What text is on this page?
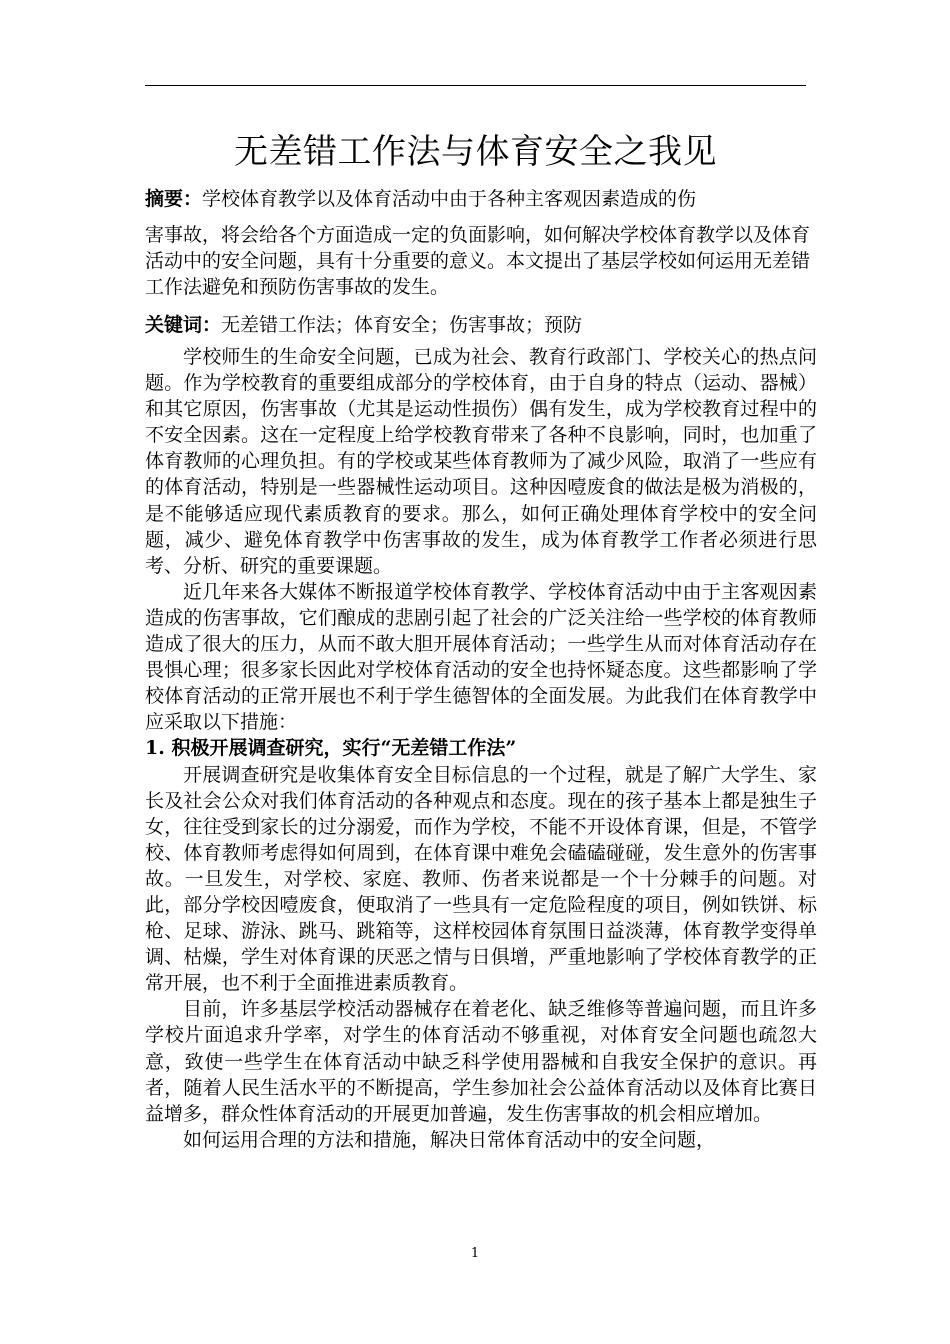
无差错工作法与体育安全之我见
摘要：学校体育教学以及体育活动中由于各种主客观因素造成的伤
害事故，将会给各个方面造成一定的负面影响，如何解决学校体育教学以及体育活动中的安全问题，具有十分重要的意义。本文提出了基层学校如何运用无差错工作法避免和预防伤害事故的发生。
关键词：无差错工作法；体育安全；伤害事故；预防

学校师生的生命安全问题，已成为社会、教育行政部门、学校关心的热点问题。作为学校教育的重要组成部分的学校体育，由于自身的特点（运动、器械）和其它原因，伤害事故（尤其是运动性损伤）偶有发生，成为学校教育过程中的不安全因素。这在一定程度上给学校教育带来了各种不良影响，同时，也加重了体育教师的心理负担。有的学校或某些体育教师为了减少风险，取消了一些应有的体育活动，特别是一些器械性运动项目。这种因噎废食的做法是极为消极的，是不能够适应现代素质教育的要求。那么，如何正确处理体育学校中的安全问题，减少、避免体育教学中伤害事故的发生，成为体育教学工作者必须进行思考、分析、研究的重要课题。

近几年来各大媒体不断报道学校体育教学、学校体育活动中由于主客观因素造成的伤害事故，它们酿成的悲剧引起了社会的广泛关注给一些学校的体育教师造成了很大的压力，从而不敢大胆开展体育活动；一些学生从而对体育活动存在畏惧心理；很多家长因此对学校体育活动的安全也持怀疑态度。这些都影响了学校体育活动的正常开展也不利于学生德智体的全面发展。为此我们在体育教学中应采取以下措施：

1. 积极开展调查研究，实行“无差错工作法”

开展调查研究是收集体育安全目标信息的一个过程，就是了解广大学生、家长及社会公众对我们体育活动的各种观点和态度。现在的孩子基本上都是独生子女，往往受到家长的过分溺爱，而作为学校，不能不开设体育课，但是，不管学校、体育教师考虑得如何周到，在体育课中难免会磕磕碰碰，发生意外的伤害事故。一旦发生，对学校、家庭、教师、伤者来说都是一个十分棘手的问题。对此，部分学校因噎废食，便取消了一些具有一定危险程度的项目，例如铁饼、标枪、足球、游泳、跳马、跳箱等，这样校园体育氛围日益淡薄，体育教学变得单调、枯燥，学生对体育课的厌恶之情与日俱增，严重地影响了学校体育教学的正常开展，也不利于全面推进素质教育。

目前，许多基层学校活动器械存在着老化、缺乏维修等普遍问题，而且许多学校片面追求升学率，对学生的体育活动不够重视，对体育安全问题也疏忽大意，致使一些学生在体育活动中缺乏科学使用器械和自我安全保护的意识。再者，随着人民生活水平的不断提高，学生参加社会公益体育活动以及体育比赛日益增多，群众性体育活动的开展更加普遍，发生伤害事故的机会相应增加。

如何运用合理的方法和措施，解决日常体育活动中的安全问题，

1
